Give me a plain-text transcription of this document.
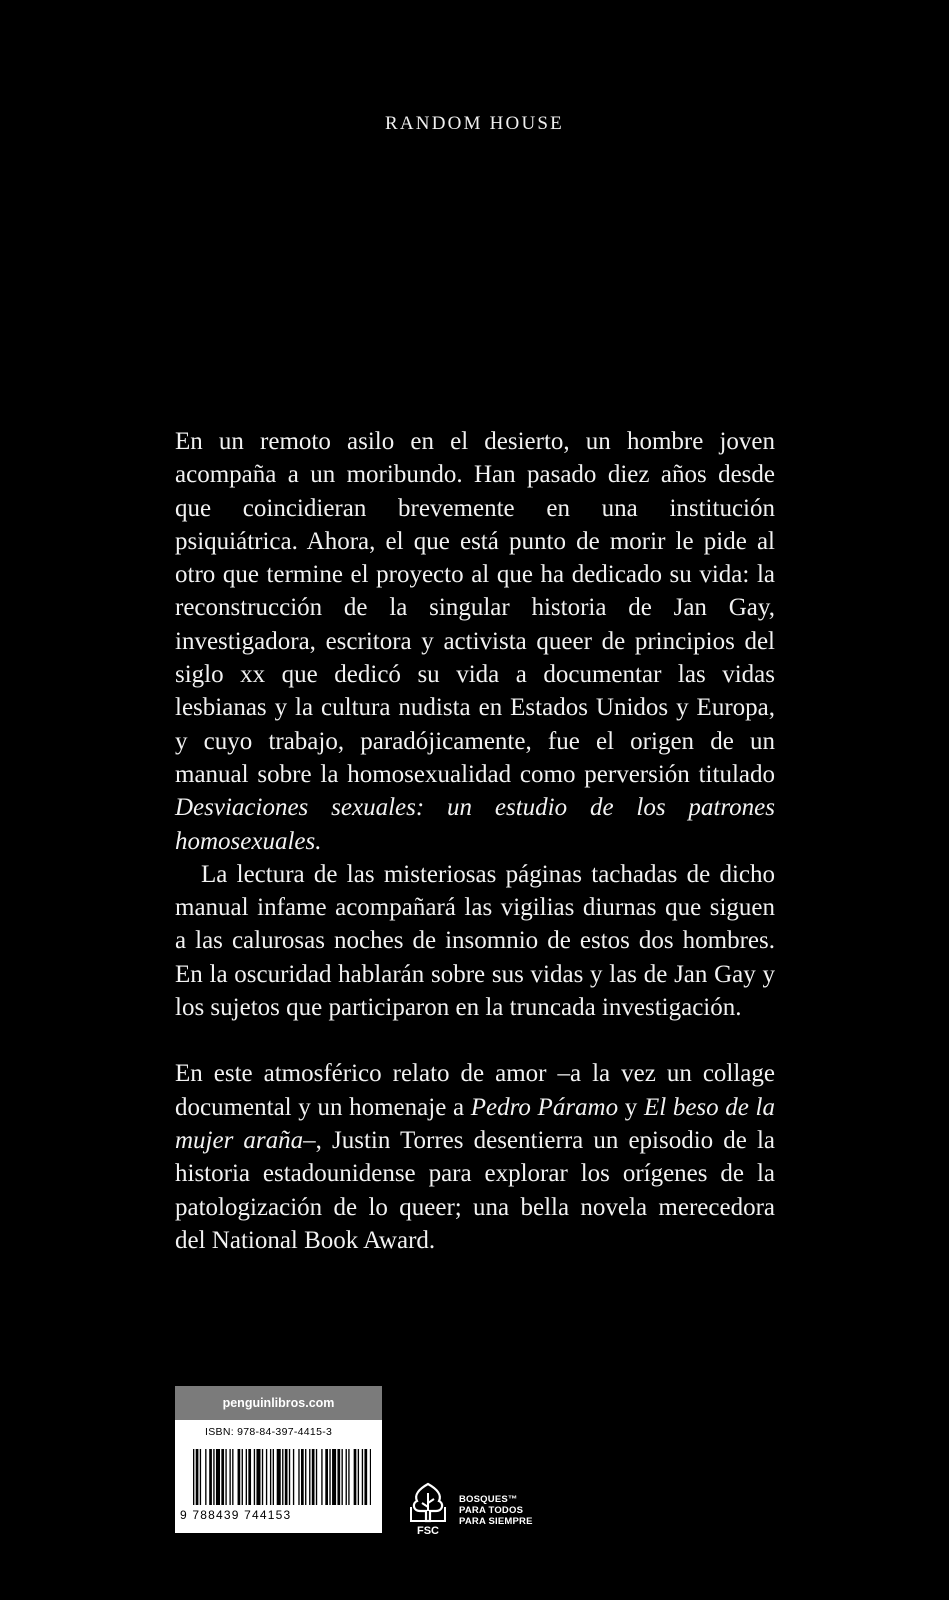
RANDOM HOUSE

En un remoto asilo en el desierto, un hombre joven acompaña a un moribundo. Han pasado diez años desde que coincidieran brevemente en una institución psiquiátrica. Ahora, el que está punto de morir le pide al otro que termine el proyecto al que ha dedicado su vida: la reconstrucción de la singular historia de Jan Gay, investigadora, escritora y activista queer de principios del siglo xx que dedicó su vida a documentar las vidas lesbianas y la cultura nudista en Estados Unidos y Europa, y cuyo trabajo, paradójicamente, fue el origen de un manual sobre la homosexualidad como perversión titulado Desviaciones sexuales: un estudio de los patrones homosexuales.

La lectura de las misteriosas páginas tachadas de dicho manual infame acompañará las vigilias diurnas que siguen a las calurosas noches de insomnio de estos dos hombres. En la oscuridad hablarán sobre sus vidas y las de Jan Gay y los sujetos que participaron en la truncada investigación.

En este atmosférico relato de amor –a la vez un collage documental y un homenaje a Pedro Páramo y El beso de la mujer araña–, Justin Torres desentierra un episodio de la historia estadounidense para explorar los orígenes de la patologización de lo queer; una bella novela merecedora del National Book Award.

penguinlibros.com
ISBN: 978-84-397-4415-3
9 788439 744153
FSC
BOSQUES™
PARA TODOS
PARA SIEMPRE
